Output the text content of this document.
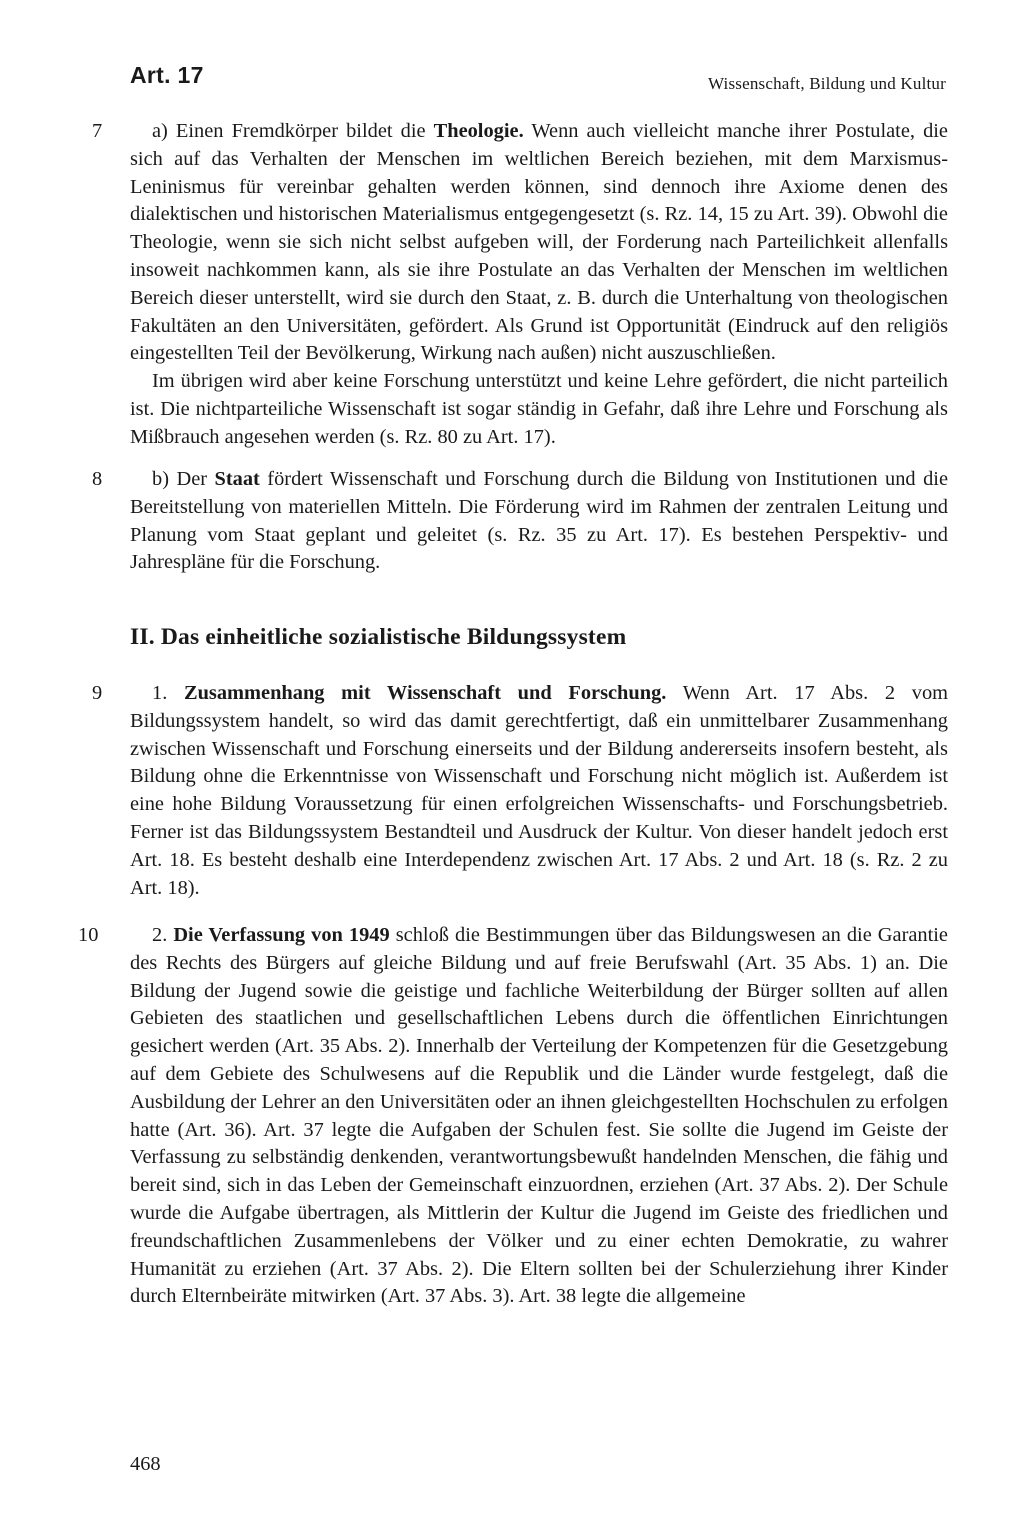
Art. 17	Wissenschaft, Bildung und Kultur
7	a) Einen Fremdkörper bildet die Theologie. Wenn auch vielleicht manche ihrer Postulate, die sich auf das Verhalten der Menschen im weltlichen Bereich beziehen, mit dem Marxismus-Leninismus für vereinbar gehalten werden können, sind dennoch ihre Axiome denen des dialektischen und historischen Materialismus entgegengesetzt (s. Rz. 14, 15 zu Art. 39). Obwohl die Theologie, wenn sie sich nicht selbst aufgeben will, der Forderung nach Parteilichkeit allenfalls insoweit nachkommen kann, als sie ihre Postulate an das Verhalten der Menschen im weltlichen Bereich dieser unterstellt, wird sie durch den Staat, z. B. durch die Unterhaltung von theologischen Fakultäten an den Universitäten, gefördert. Als Grund ist Opportunität (Eindruck auf den religiös eingestellten Teil der Bevölkerung, Wirkung nach außen) nicht auszuschließen.

Im übrigen wird aber keine Forschung unterstützt und keine Lehre gefördert, die nicht parteilich ist. Die nichtparteiliche Wissenschaft ist sogar ständig in Gefahr, daß ihre Lehre und Forschung als Mißbrauch angesehen werden (s. Rz. 80 zu Art. 17).

8	b) Der Staat fördert Wissenschaft und Forschung durch die Bildung von Institutionen und die Bereitstellung von materiellen Mitteln. Die Förderung wird im Rahmen der zentralen Leitung und Planung vom Staat geplant und geleitet (s. Rz. 35 zu Art. 17). Es bestehen Perspektiv- und Jahrespläne für die Forschung.

II. Das einheitliche sozialistische Bildungssystem
9	1. Zusammenhang mit Wissenschaft und Forschung. Wenn Art. 17 Abs. 2 vom Bildungssystem handelt, so wird das damit gerechtfertigt, daß ein unmittelbarer Zusammenhang zwischen Wissenschaft und Forschung einerseits und der Bildung andererseits insofern besteht, als Bildung ohne die Erkenntnisse von Wissenschaft und Forschung nicht möglich ist. Außerdem ist eine hohe Bildung Voraussetzung für einen erfolgreichen Wissenschafts- und Forschungsbetrieb. Ferner ist das Bildungssystem Bestandteil und Ausdruck der Kultur. Von dieser handelt jedoch erst Art. 18. Es besteht deshalb eine Interdependenz zwischen Art. 17 Abs. 2 und Art. 18 (s. Rz. 2 zu Art. 18).

10	2. Die Verfassung von 1949 schloß die Bestimmungen über das Bildungswesen an die Garantie des Rechts des Bürgers auf gleiche Bildung und auf freie Berufswahl (Art. 35 Abs. 1) an. Die Bildung der Jugend sowie die geistige und fachliche Weiterbildung der Bürger sollten auf allen Gebieten des staatlichen und gesellschaftlichen Lebens durch die öffentlichen Einrichtungen gesichert werden (Art. 35 Abs. 2). Innerhalb der Verteilung der Kompetenzen für die Gesetzgebung auf dem Gebiete des Schulwesens auf die Republik und die Länder wurde festgelegt, daß die Ausbildung der Lehrer an den Universitäten oder an ihnen gleichgestellten Hochschulen zu erfolgen hatte (Art. 36). Art. 37 legte die Aufgaben der Schulen fest. Sie sollte die Jugend im Geiste der Verfassung zu selbständig denkenden, verantwortungsbewußt handelnden Menschen, die fähig und bereit sind, sich in das Leben der Gemeinschaft einzuordnen, erziehen (Art. 37 Abs. 2). Der Schule wurde die Aufgabe übertragen, als Mittlerin der Kultur die Jugend im Geiste des friedlichen und freundschaftlichen Zusammenlebens der Völker und zu einer echten Demokratie, zu wahrer Humanität zu erziehen (Art. 37 Abs. 2). Die Eltern sollten bei der Schulerziehung ihrer Kinder durch Elternbeiräte mitwirken (Art. 37 Abs. 3). Art. 38 legte die allgemeine

468
